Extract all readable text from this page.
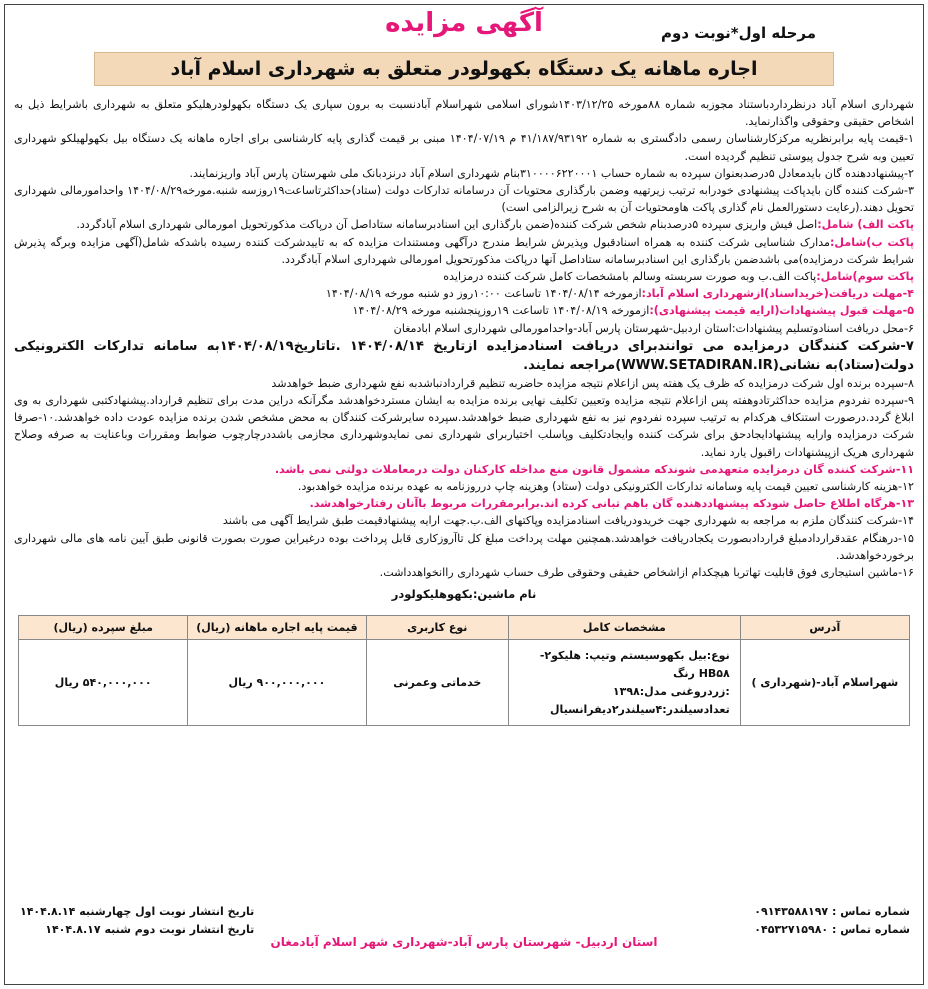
آگهی مزایده	مرحله اول*نوبت دوم
اجاره ماهانه یک دستگاه بکهولودر متعلق به شهرداری اسلام آباد

شهرداری اسلام آباد درنظرداردباستناد مجوزبه شماره ۸۸مورخه ۱۴۰۳/۱۲/۲۵شورای اسلامی شهراسلام آبادنسبت به برون سپاری یک دستگاه بکهولودرهلیکو متعلق به شهرداری باشرایط ذیل به اشخاص حقیقی وحقوقی واگذارنماید.

۱-قیمت پایه برابرنظریه مرکزکارشناسان رسمی دادگستری به شماره ۴۱/۱۸۷/۹۳۱۹۲ م ۱۴۰۴/۰۷/۱۹ مبنی بر قیمت گذاری پایه کارشناسی برای اجاره ماهانه یک دستگاه بیل بکهولهیلکو شهرداری تعیین وبه شرح جدول پیوستی تنظیم گردیده است.

۲-پیشنهاددهنده گان بایدمعادل ۵درصدبعنوان سپرده به شماره حساب ۳۱۰۰۰۰۶۲۲۰۰۰۱بنام شهرداری اسلام آباد درنزدبانک ملی شهرستان پارس آباد واریزنمایند.

۳-شرکت کننده گان بایدپاکت پیشنهادی خودرابه ترتیب زیرتهیه وضمن بارگذاری محتویات آن درسامانه تدارکات دولت (ستاد)حداکثرتاساعت۱۹روزسه شنبه.مورخه۱۴۰۴/۰۸/۲۹ واحدامورمالی شهرداری تحویل دهند.(رعایت دستورالعمل نام گذاری پاکت هاومحتویات آن به شرح زیرالزامی است)

پاکت الف) شامل:اصل فیش واریزی سپرده ۵درصدبنام شخص شرکت کننده(ضمن بارگذاری این اسنادبرسامانه ستاداصل آن درپاکت مذکورتحویل امورمالی شهرداری اسلام آبادگردد.

پاکت ب)شامل:مدارک شناسایی شرکت کننده به همراه اسنادقبول وپذیرش شرایط مندرج درآگهی ومستندات مزایده که به تاییدشرکت کننده رسیده باشدکه شامل(آگهی مزایده وبرگه پذیرش شرایط شرکت درمزایده)می باشدضمن بارگذاری این اسنادبرسامانه ستاداصل آنها درپاکت مذکورتحویل امورمالی شهرداری اسلام آبادگردد.

پاکت سوم)شامل:پاکت الف.ب وبه صورت سربسته وسالم بامشخصات کامل شرکت کننده درمزایده

۴-مهلت دریافت(خریداسناد)ازشهرداری اسلام آباد:ازمورخه ۱۴۰۴/۰۸/۱۴ تاساعت ۱۰:۰۰روز دو شنبه مورخه ۱۴۰۴/۰۸/۱۹

۵-مهلت قبول پیشنهادات(ارایه قیمت پیشنهادی):ازمورخه ۱۴۰۴/۰۸/۱۹ تاساعت ۱۹روزپنجشنبه مورخه ۱۴۰۴/۰۸/۲۹

۶-محل دریافت اسنادوتسلیم پیشنهادات:استان اردبیل-شهرستان پارس آباد-واحدامورمالی شهرداری اسلام ابادمغان

۷-شرکت کنندگان درمزایده می توانندبرای دریافت اسنادمزایده ازتاریخ ۱۴۰۴/۰۸/۱۴ .تاتاریخ۱۴۰۴/۰۸/۱۹به سامانه تدارکات الکترونیکی دولت(ستاد)به نشانی(WWW.SETADIRAN.IR)مراجعه نمایند.

۸-سپرده برنده اول شرکت درمزایده که ظرف یک هفته پس ازاعلام نتیجه مزایده حاضربه تنظیم قراردادنباشدبه نفع شهرداری ضبط خواهدشد

۹-سپرده نفردوم مزایده حداکثرتادوهفته پس ازاعلام نتیجه مزایده وتعیین تکلیف نهایی برنده مزایده به ایشان مستردخواهدشد مگرآنکه دراین مدت برای تنظیم قرارداد.پیشنهادکتبی شهرداری به وی ابلاغ گردد.درصورت استنکاف هرکدام به ترتیب سپرده نفردوم نیز به نفع شهرداری ضبط خواهدشد.سپرده سایرشرکت کنندگان به محض مشخص شدن برنده مزایده عودت داده خواهدشد.۱۰-صرفا شرکت درمزایده وارایه پیشنهادایجادحق برای شرکت کننده وایجادتکلیف وپاسلب اختیاربرای شهرداری نمی نمایدوشهرداری مجازمی باشددرچارچوب ضوابط ومقررات وباعنایت به صرفه وصلاح شهرداری هریک ازپیشنهادات راقبول یارد نماید.

۱۱-شرکت کننده گان درمزایده متعهدمی شوندکه مشمول قانون منع مداخله کارکنان دولت درمعاملات دولتی نمی باشد.

۱۲-هزینه کارشناسی تعیین قیمت پایه وسامانه تدارکات الکترونیکی دولت (ستاد) وهزینه چاپ درروزنامه به عهده برنده مزایده خواهدبود.

۱۳-هرگاه اطلاع حاصل شودکه پیشنهاددهنده گان باهم تبانی کرده اند.برابرمقررات مربوط باآنان رفتارخواهدشد.

۱۴-شرکت کنندگان ملزم به مراجعه به شهرداری جهت خریدودریافت اسنادمزایده وپاکتهای الف.ب.جهت ارایه پیشنهادقیمت طبق شرایط آگهی می باشند

۱۵-درهنگام عقدقراردادمبلغ قراردادبصورت یکجادریافت خواهدشد.همچنین مهلت پرداخت مبلغ کل تاآروزکاری قابل پرداخت بوده درغیراین صورت بصورت قانونی طبق آیین نامه های مالی شهرداری برخوردخواهدشد.

۱۶-ماشین استیجاری فوق قابلیت تهاتربا هیچکدام ازاشخاص حقیقی وحقوقی طرف حساب شهرداری راانخواهدداشت.

نام ماشین:بکهوهلیکولودر
آدرس	مشخصات کامل	نوع کاربری	قیمت پایه اجاره ماهانه (ریال)	مبلغ سپرده (ریال)
شهراسلام آباد-(شهرداری )	نوع:بیل بکهوسیستم وتیپ: هلیکو۲-HB۵۸ رنگ
:زردروغنی مدل:۱۳۹۸
تعدادسیلندر:۴سیلندر۲دیفرانسیال	خدماتی وعمرنی	۹۰۰,۰۰۰,۰۰۰ ریال	۵۴۰,۰۰۰,۰۰۰ ریال
شماره تماس : ۰۹۱۴۳۵۸۸۱۹۷
شماره تماس : ۰۴۵۳۲۷۱۵۹۸۰
تاریخ انتشار نوبت اول چهارشنبه ۱۴۰۴.۸.۱۴
تاریخ انتشار نوبت دوم شنبه ۱۴۰۴.۸.۱۷
استان اردبیل- شهرستان پارس آباد-شهرداری شهر اسلام آبادمغان
